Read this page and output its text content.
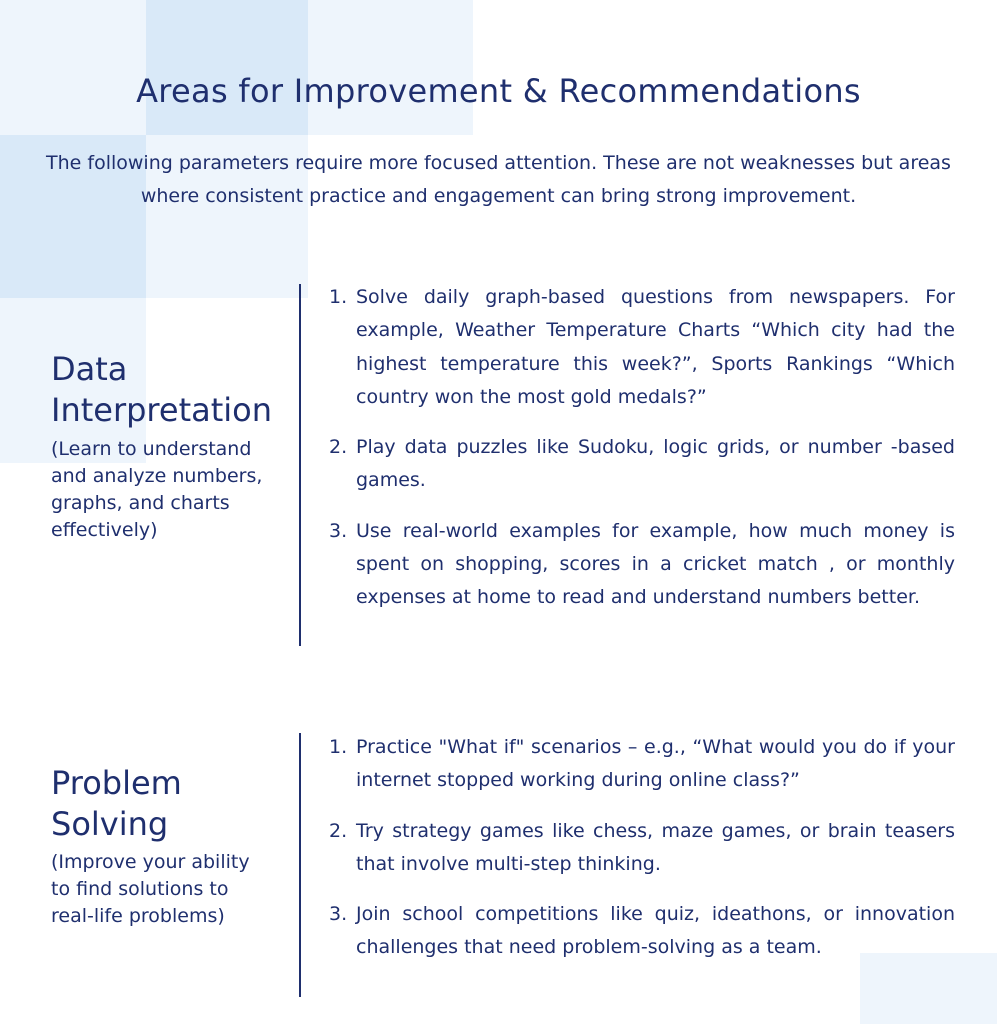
Areas for Improvement & Recommendations

The following parameters require more focused attention. These are not weaknesses but areas where consistent practice and engagement can bring strong improvement.

Data
Interpretation

(Learn to understand and analyze numbers, graphs, and charts effectively)

1. Solve daily graph-based questions from newspapers. For example, Weather Temperature Charts “Which city had the highest temperature this week?”, Sports Rankings “Which country won the most gold medals?”
2. Play data puzzles like Sudoku, logic grids, or number -based games.
3. Use real-world examples for example, how much money is spent on shopping, scores in a cricket match , or monthly expenses at home to read and understand numbers better.
Problem
Solving

(Improve your ability to find solutions to real-life problems)

1. Practice "What if" scenarios – e.g., “What would you do if your internet stopped working during online class?”
2. Try strategy games like chess, maze games, or brain teasers that involve multi-step thinking.
3. Join school competitions like quiz, ideathons, or innovation challenges that need problem-solving as a team.
